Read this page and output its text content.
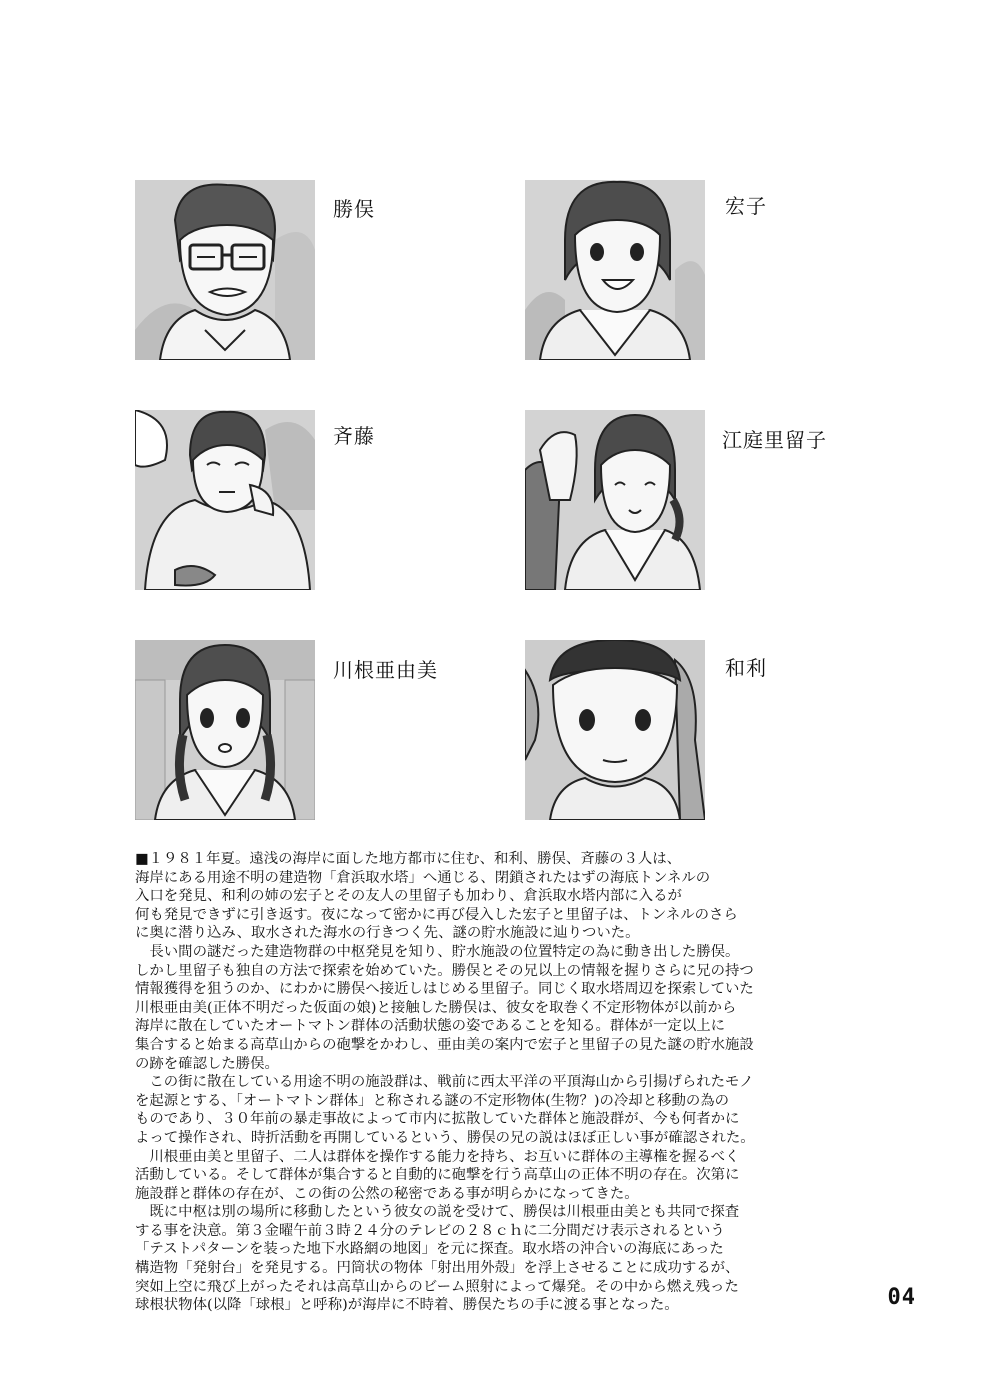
勝俣	宏子
斉藤	江庭里留子
川根亜由美	和利

■１９８１年夏。遠浅の海岸に面した地方都市に住む、和利、勝俣、斉藤の３人は、

海岸にある用途不明の建造物「倉浜取水塔」へ通じる、閉鎖されたはずの海底トンネルの

入口を発見、和利の姉の宏子とその友人の里留子も加わり、倉浜取水塔内部に入るが

何も発見できずに引き返す。夜になって密かに再び侵入した宏子と里留子は、トンネルのさら

に奥に潜り込み、取水された海水の行きつく先、謎の貯水施設に辿りついた。

　長い間の謎だった建造物群の中枢発見を知り、貯水施設の位置特定の為に動き出した勝俣。

しかし里留子も独自の方法で探索を始めていた。勝俣とその兄以上の情報を握りさらに兄の持つ

情報獲得を狙うのか、にわかに勝俣へ接近しはじめる里留子。同じく取水塔周辺を探索していた

川根亜由美(正体不明だった仮面の娘)と接触した勝俣は、彼女を取巻く不定形物体が以前から

海岸に散在していたオートマトン群体の活動状態の姿であることを知る。群体が一定以上に

集合すると始まる高草山からの砲撃をかわし、亜由美の案内で宏子と里留子の見た謎の貯水施設

の跡を確認した勝俣。

　この街に散在している用途不明の施設群は、戦前に西太平洋の平頂海山から引揚げられたモノ

を起源とする、「オートマトン群体」と称される謎の不定形物体(生物？)の冷却と移動の為の

ものであり、３０年前の暴走事故によって市内に拡散していた群体と施設群が、今も何者かに

よって操作され、時折活動を再開しているという、勝俣の兄の説はほぼ正しい事が確認された。

　川根亜由美と里留子、二人は群体を操作する能力を持ち、お互いに群体の主導権を握るべく

活動している。そして群体が集合すると自動的に砲撃を行う高草山の正体不明の存在。次第に

施設群と群体の存在が、この街の公然の秘密である事が明らかになってきた。

　既に中枢は別の場所に移動したという彼女の説を受けて、勝俣は川根亜由美とも共同で探査

する事を決意。第３金曜午前３時２４分のテレビの２８ｃｈに二分間だけ表示されるという

「テストパターンを装った地下水路網の地図」を元に探査。取水塔の沖合いの海底にあった

構造物「発射台」を発見する。円筒状の物体「射出用外殻」を浮上させることに成功するが、

突如上空に飛び上がったそれは高草山からのビーム照射によって爆発。その中から燃え残った

球根状物体(以降「球根」と呼称)が海岸に不時着、勝俣たちの手に渡る事となった。	04
